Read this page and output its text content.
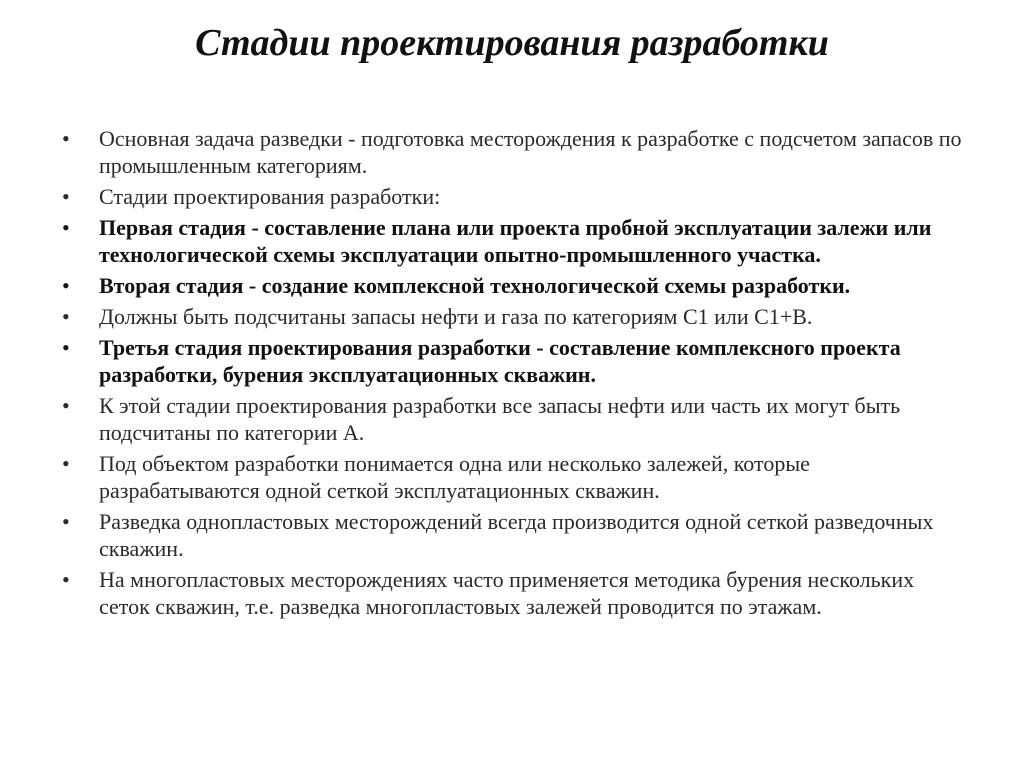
Стадии проектирования разработки
•	Основная задача разведки - подготовка месторождения к разработке с подсчетом запасов по промышленным категориям.
•	Стадии проектирования разработки:
•	Первая стадия - составление плана или проекта пробной эксплуатации залежи или технологической схемы эксплуатации опытно-промышленного участка.
•	Вторая стадия - создание комплексной технологической схемы разработки.
•	Должны быть подсчитаны запасы нефти и газа по категориям С1 или С1+В.
•	Третья стадия проектирования разработки - составление комплексного проекта разработки, бурения эксплуатационных скважин.
•	К этой стадии проектирования разработки все запасы нефти или часть их могут быть подсчитаны по категории А.
•	Под объектом разработки понимается одна или несколько залежей, которые разрабатываются одной сеткой эксплуатационных скважин.
•	Разведка однопластовых месторождений всегда производится одной сеткой разведочных скважин.
•	На многопластовых месторождениях часто применяется методика бурения нескольких сеток скважин, т.е. разведка многопластовых залежей проводится по этажам.
